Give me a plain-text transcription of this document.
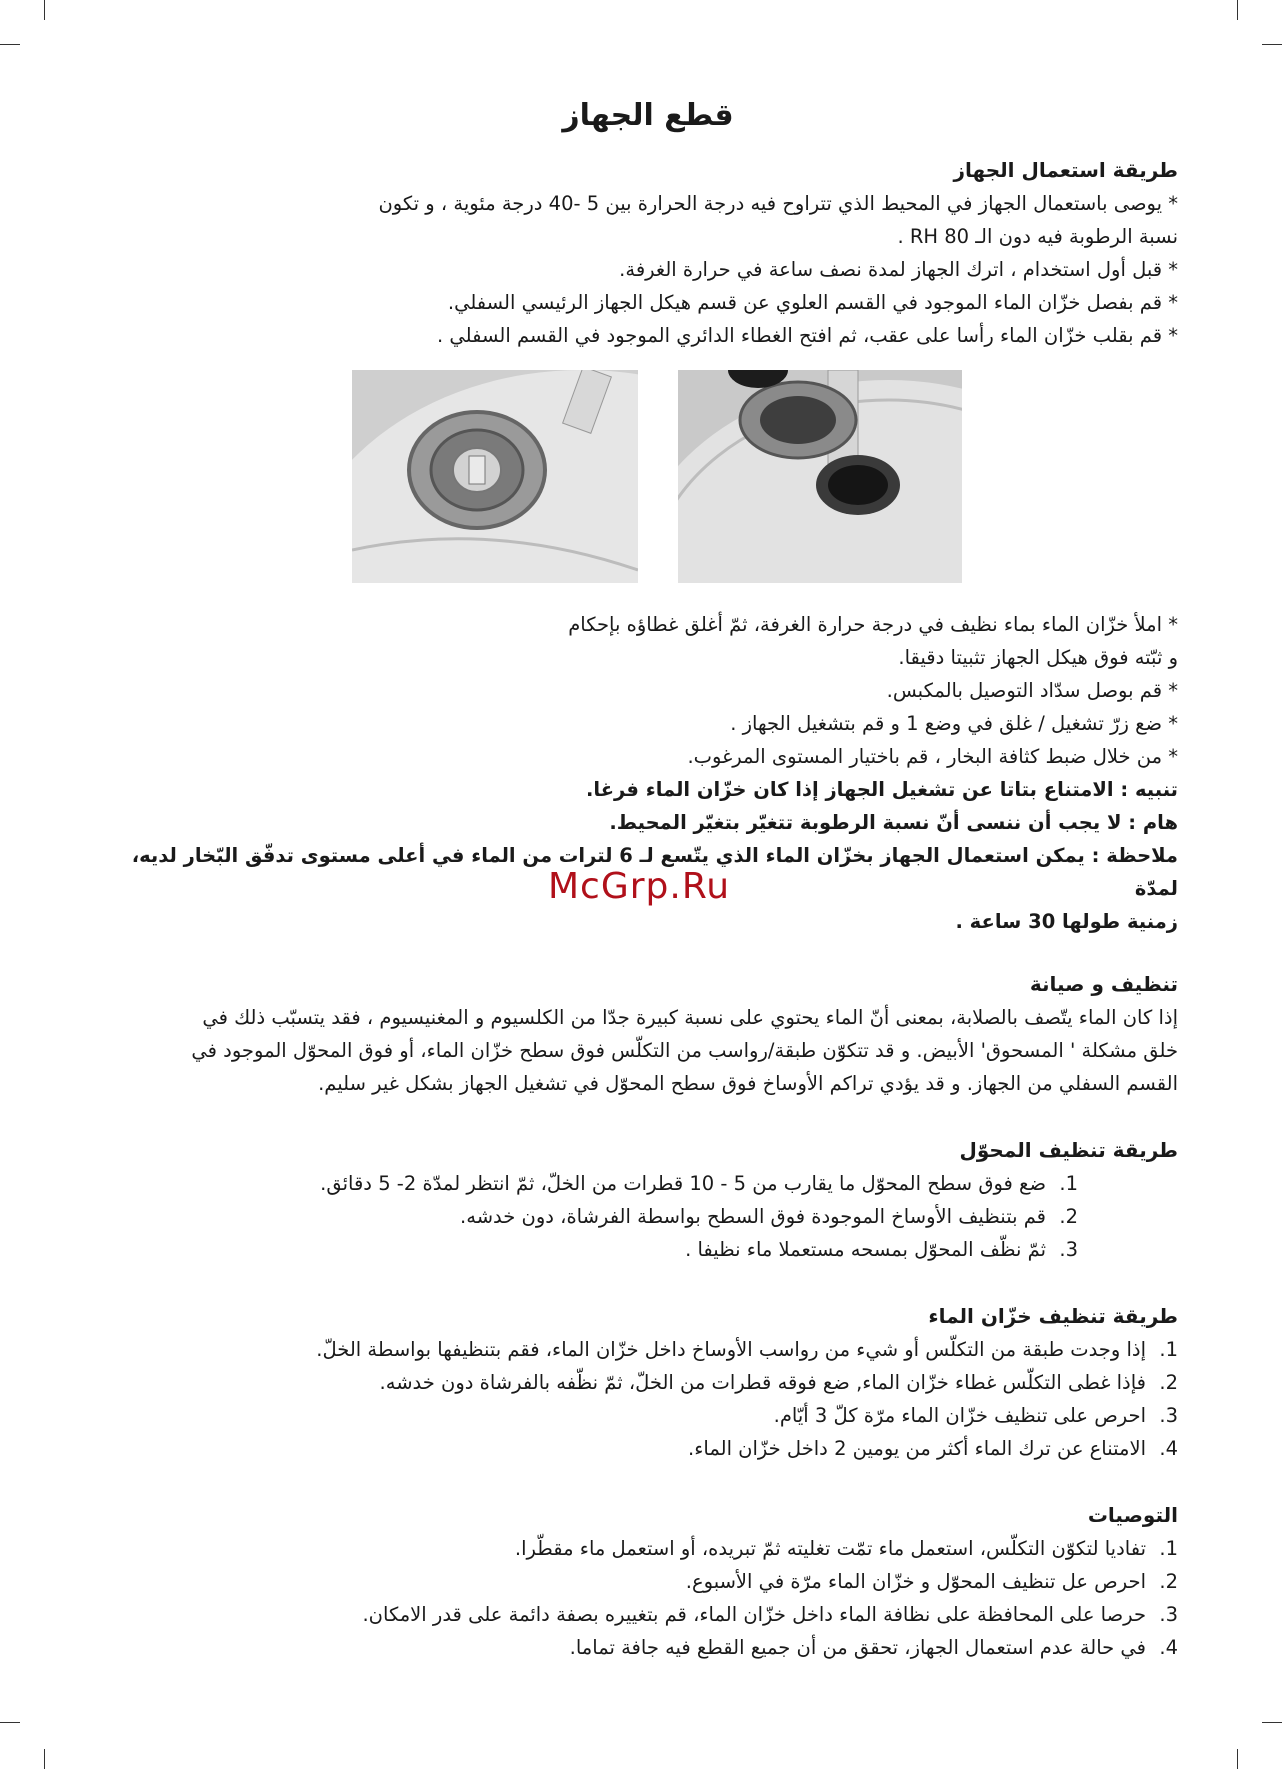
قطع الجهاز
طريقة استعمال الجهاز

* يوصى باستعمال الجهاز في المحيط الذي تتراوح فيه درجة الحرارة بين 5 -40 درجة مئوية ، و تكون

نسبة الرطوبة فيه دون الـ RH 80 .

* قبل أول استخدام ، اترك الجهاز لمدة نصف ساعة في حرارة الغرفة.

* قم بفصل خزّان الماء الموجود في القسم العلوي عن قسم هيكل الجهاز الرئيسي السفلي.

* قم بقلب خزّان الماء رأسا على عقب، ثم افتح الغطاء الدائري الموجود في القسم السفلي .

* املأ خزّان الماء بماء نظيف في درجة حرارة الغرفة، ثمّ أغلق غطاؤه بإحكام

و ثبّته فوق هيكل الجهاز تثبيتا دقيقا.

* قم بوصل سدّاد التوصيل بالمكبس.

* ضع زرّ تشغيل / غلق في وضع 1 و قم بتشغيل الجهاز .

* من خلال ضبط كثافة البخار ، قم باختيار المستوى المرغوب.

تنبيه : الامتناع بتاتا عن تشغيل الجهاز إذا كان خزّان الماء فرغا.

هام : لا يجب أن ننسى أنّ نسبة الرطوبة تتغيّر بتغيّر المحيط.

ملاحظة : يمكن استعمال الجهاز بخزّان الماء الذي يتّسع لـ 6 لترات من الماء في أعلى مستوى تدفّق البّخار لديه، لمدّة

زمنية طولها 30 ساعة .

تنظيف و صيانة

إذا كان الماء يتّصف بالصلابة، بمعنى أنّ الماء يحتوي على نسبة كبيرة جدّا من الكلسيوم و المغنيسيوم ، فقد يتسبّب ذلك في

خلق مشكلة ' المسحوق' الأبيض. و قد تتكوّن طبقة/رواسب من التكلّس فوق سطح خزّان الماء، أو فوق المحوّل الموجود في

القسم السفلي من الجهاز. و قد يؤدي تراكم الأوساخ فوق سطح المحوّل في تشغيل الجهاز بشكل غير سليم.

طريقة تنظيف المحوّل
1.
ضع فوق سطح المحوّل ما يقارب من 5 - 10 قطرات من الخلّ، ثمّ انتظر لمدّة 2- 5 دقائق.
2.
قم بتنظيف الأوساخ الموجودة فوق السطح بواسطة الفرشاة، دون خدشه.
3.
ثمّ نظّف المحوّل بمسحه مستعملا ماء نظيفا .
طريقة تنظيف خزّان الماء
1.
إذا وجدت طبقة من التكلّس أو شيء من رواسب الأوساخ داخل خزّان الماء، فقم بتنظيفها بواسطة الخلّ.
2.
فإذا غطى التكلّس غطاء خزّان الماء, ضع فوقه قطرات من الخلّ، ثمّ نظّفه بالفرشاة دون خدشه.
3.
احرص على تنظيف خزّان الماء مرّة كلّ 3 أيّام.
4.
الامتناع عن ترك الماء أكثر من يومين 2 داخل خزّان الماء.
التوصيات
1.
تفاديا لتكوّن التكلّس، استعمل ماء تمّت تغليته ثمّ تبريده، أو استعمل ماء مقطّرا.
2.
احرص عل تنظيف المحوّل و خزّان الماء مرّة في الأسبوع.
3.
حرصا على المحافظة على نظافة الماء داخل خزّان الماء، قم بتغييره بصفة دائمة على قدر الامكان.
4.
في حالة عدم استعمال الجهاز، تحقق من أن جميع القطع فيه جافة تماما.
McGrp.Ru
